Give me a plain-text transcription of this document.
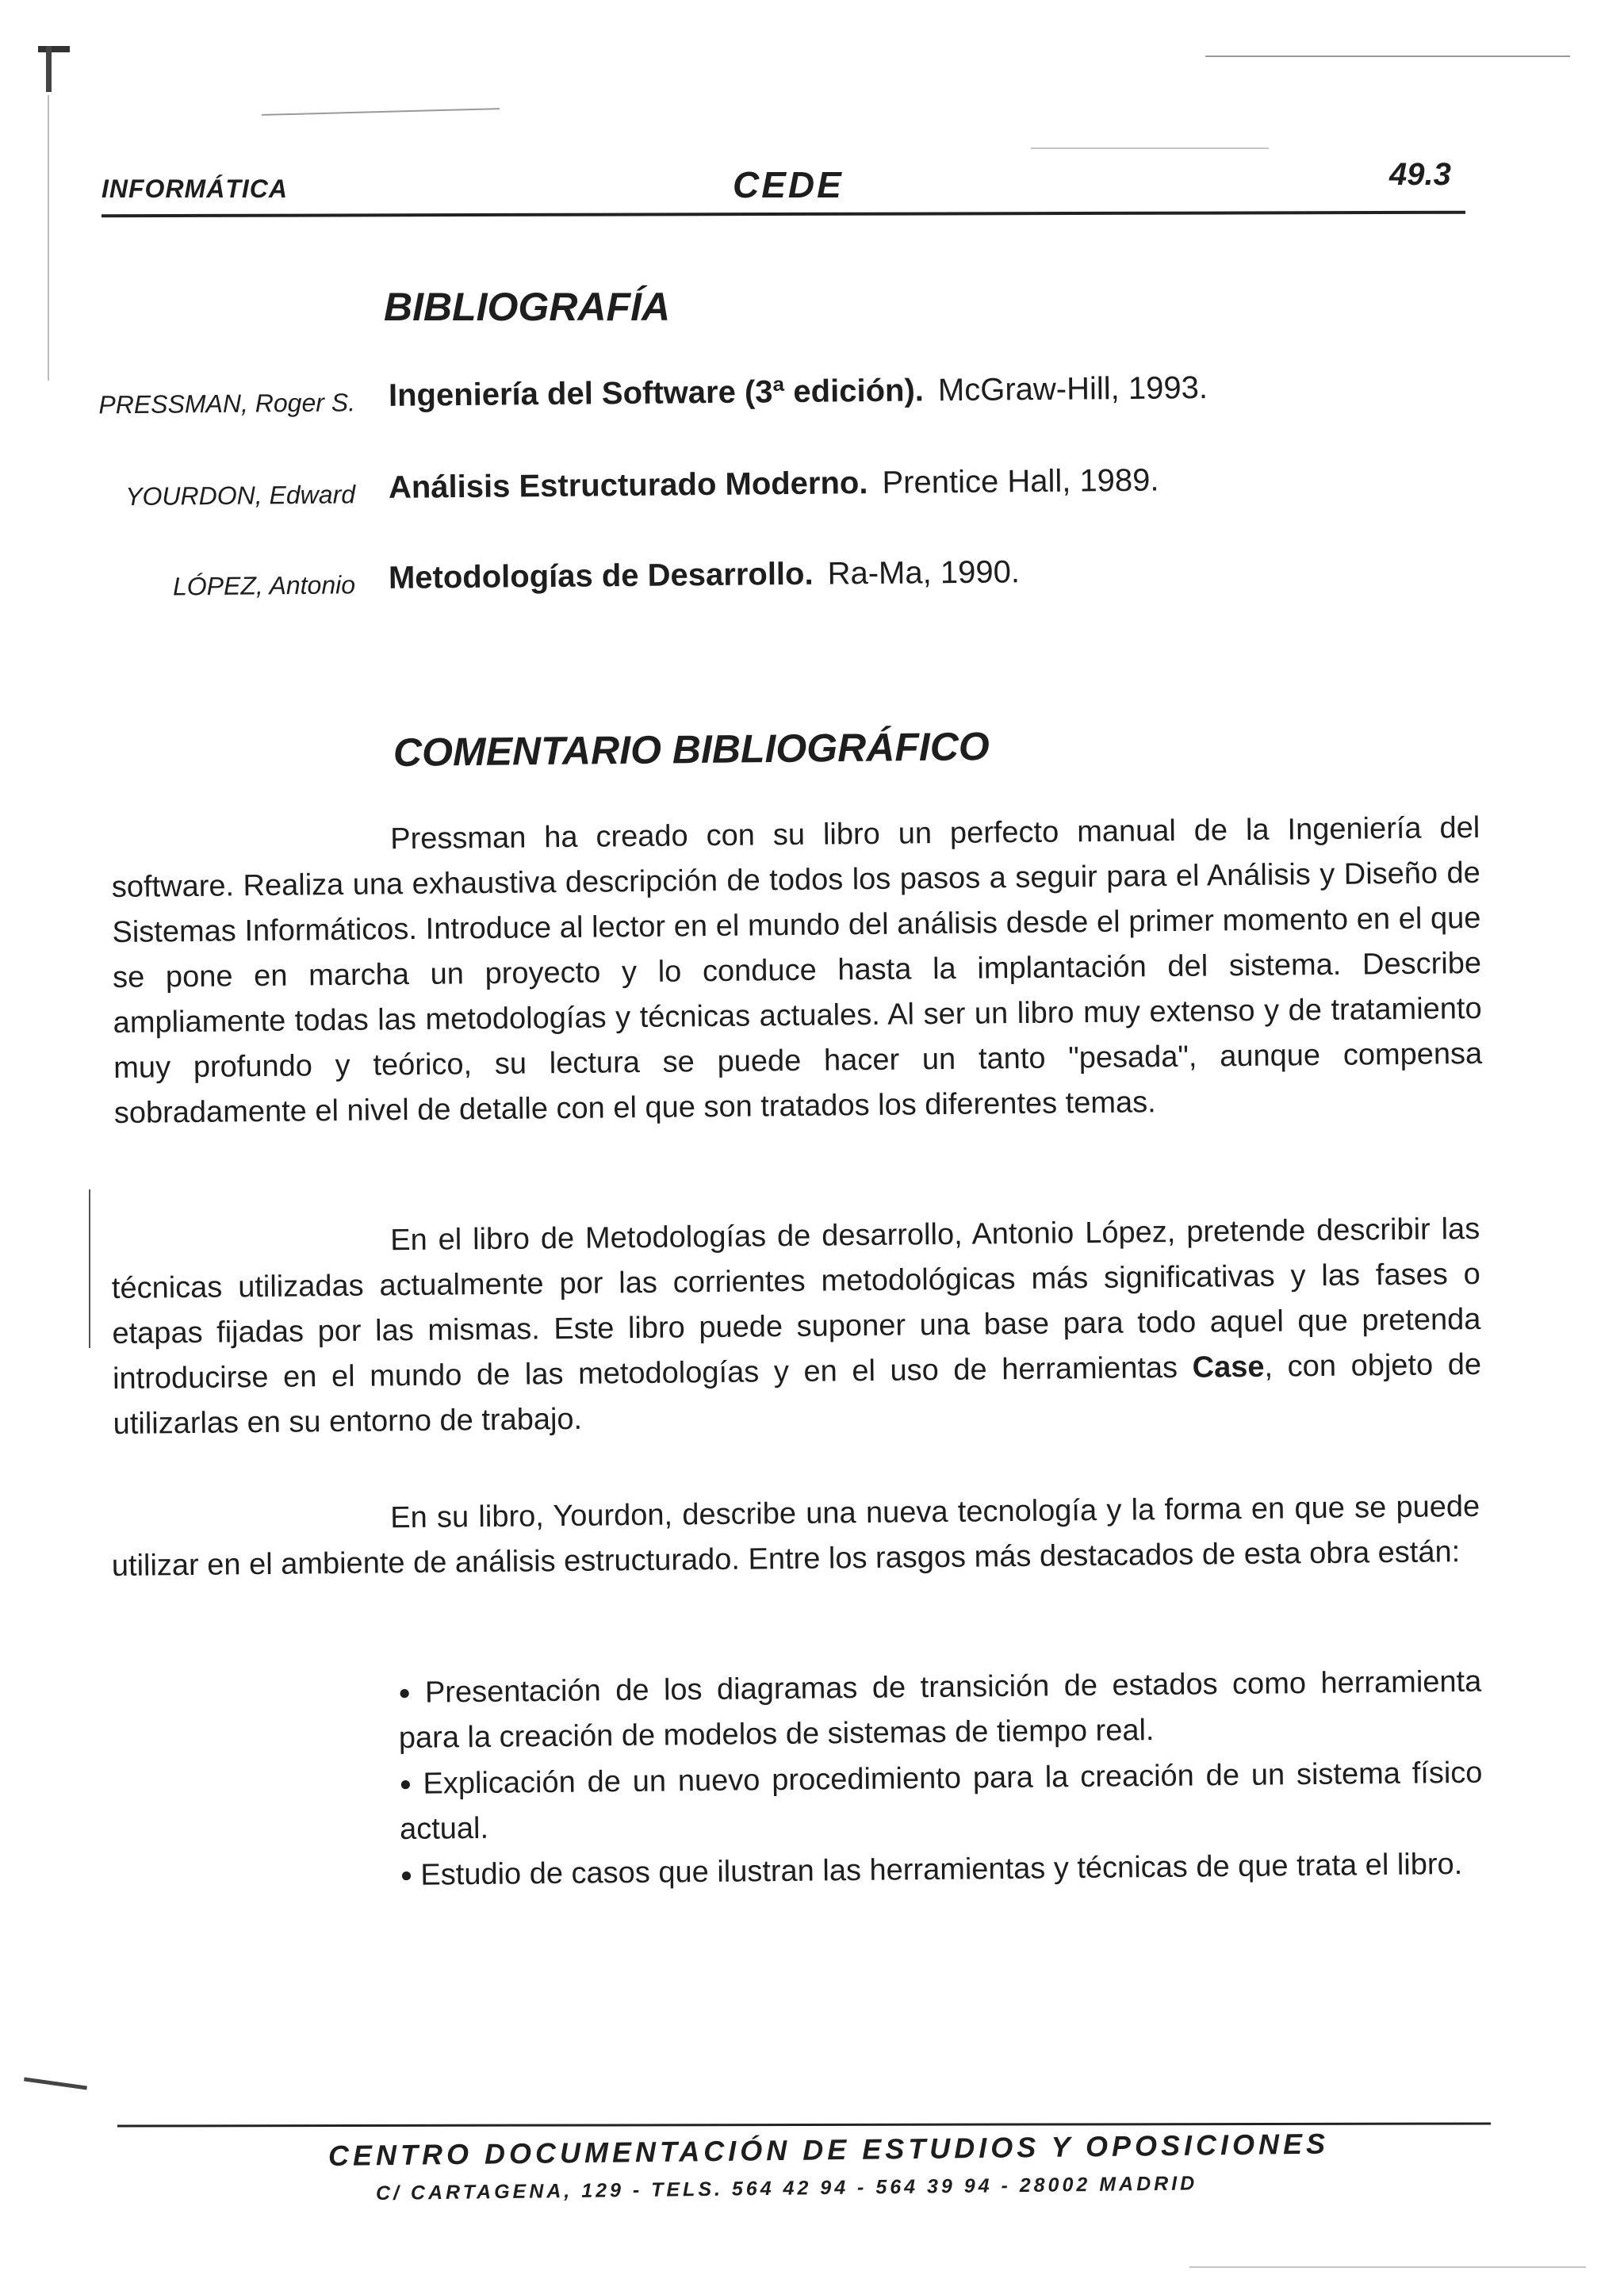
INFORMÁTICA	CEDE	49.3
BIBLIOGRAFÍA
PRESSMAN, Roger S. Ingeniería del Software (3ª edición). McGraw-Hill, 1993.
YOURDON, Edward Análisis Estructurado Moderno. Prentice Hall, 1989.
LÓPEZ, Antonio Metodologías de Desarrollo. Ra-Ma, 1990.
COMENTARIO BIBLIOGRÁFICO
Pressman ha creado con su libro un perfecto manual de la Ingeniería del software. Realiza una exhaustiva descripción de todos los pasos a seguir para el Análisis y Diseño de Sistemas Informáticos. Introduce al lector en el mundo del análisis desde el primer momento en el que se pone en marcha un proyecto y lo conduce hasta la implantación del sistema. Describe ampliamente todas las metodologías y técnicas actuales. Al ser un libro muy extenso y de tratamiento muy profundo y teórico, su lectura se puede hacer un tanto "pesada", aunque compensa sobradamente el nivel de detalle con el que son tratados los diferentes temas.
En el libro de Metodologías de desarrollo, Antonio López, pretende describir las técnicas utilizadas actualmente por las corrientes metodológicas más significativas y las fases o etapas fijadas por las mismas. Este libro puede suponer una base para todo aquel que pretenda introducirse en el mundo de las metodologías y en el uso de herramientas Case, con objeto de utilizarlas en su entorno de trabajo.
En su libro, Yourdon, describe una nueva tecnología y la forma en que se puede utilizar en el ambiente de análisis estructurado. Entre los rasgos más destacados de esta obra están:
● Presentación de los diagramas de transición de estados como herramienta para la creación de modelos de sistemas de tiempo real.
● Explicación de un nuevo procedimiento para la creación de un sistema físico actual.
● Estudio de casos que ilustran las herramientas y técnicas de que trata el libro.
CENTRO DOCUMENTACIÓN DE ESTUDIOS Y OPOSICIONES
C/ CARTAGENA, 129 - TELS. 564 42 94 - 564 39 94 - 28002 MADRID
